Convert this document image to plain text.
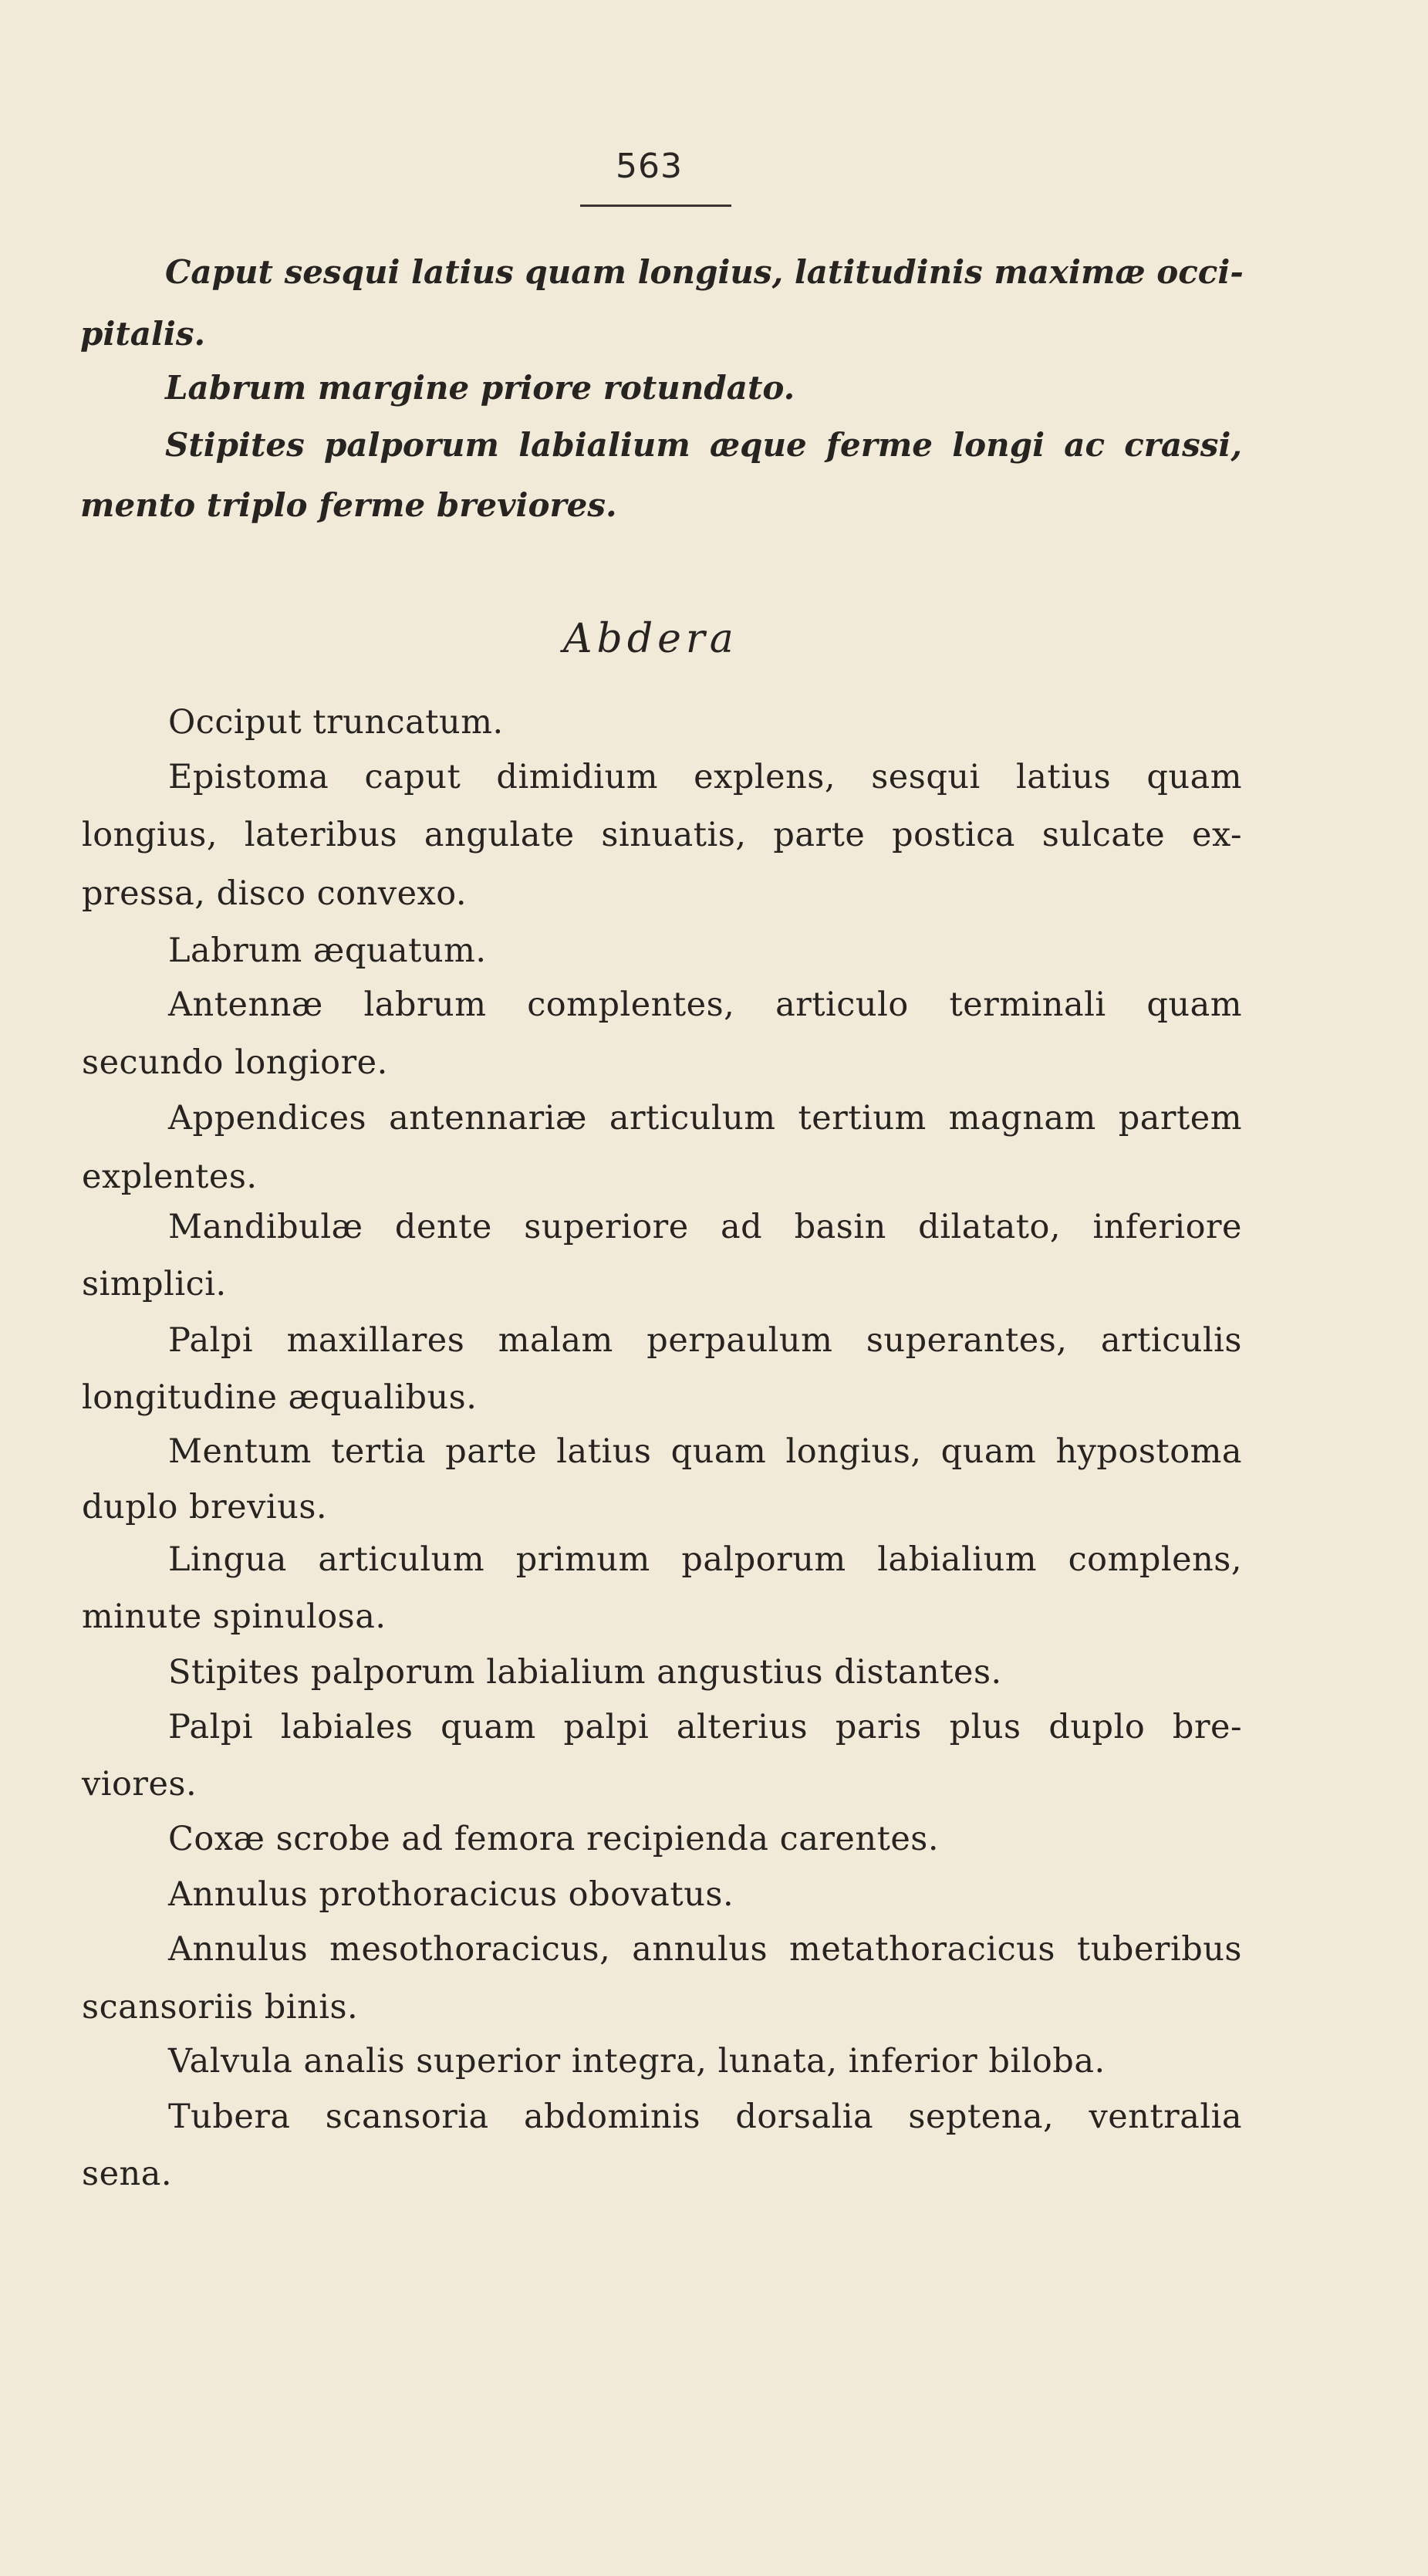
563
Caput sesqui latius quam longius, latitudinis maximæ occi-
pitalis.
Labrum margine priore rotundato.
Stipites palporum labialium æque ferme longi ac crassi,
mento triplo ferme breviores.
Abdera
Occiput truncatum.
Epistoma caput dimidium explens, sesqui latius quam
longius, lateribus angulate sinuatis, parte postica sulcate ex-
pressa, disco convexo.
Labrum æquatum.
Antennæ labrum complentes, articulo terminali quam
secundo longiore.
Appendices antennariæ articulum tertium magnam partem
explentes.
Mandibulæ dente superiore ad basin dilatato, inferiore
simplici.
Palpi maxillares malam perpaulum superantes, articulis
longitudine æqualibus.
Mentum tertia parte latius quam longius, quam hypostoma
duplo brevius.
Lingua articulum primum palporum labialium complens,
minute spinulosa.
Stipites palporum labialium angustius distantes.
Palpi labiales quam palpi alterius paris plus duplo bre-
viores.
Coxæ scrobe ad femora recipienda carentes.
Annulus prothoracicus obovatus.
Annulus mesothoracicus, annulus metathoracicus tuberibus
scansoriis binis.
Valvula analis superior integra, lunata, inferior biloba.
Tubera scansoria abdominis dorsalia septena, ventralia
sena.
